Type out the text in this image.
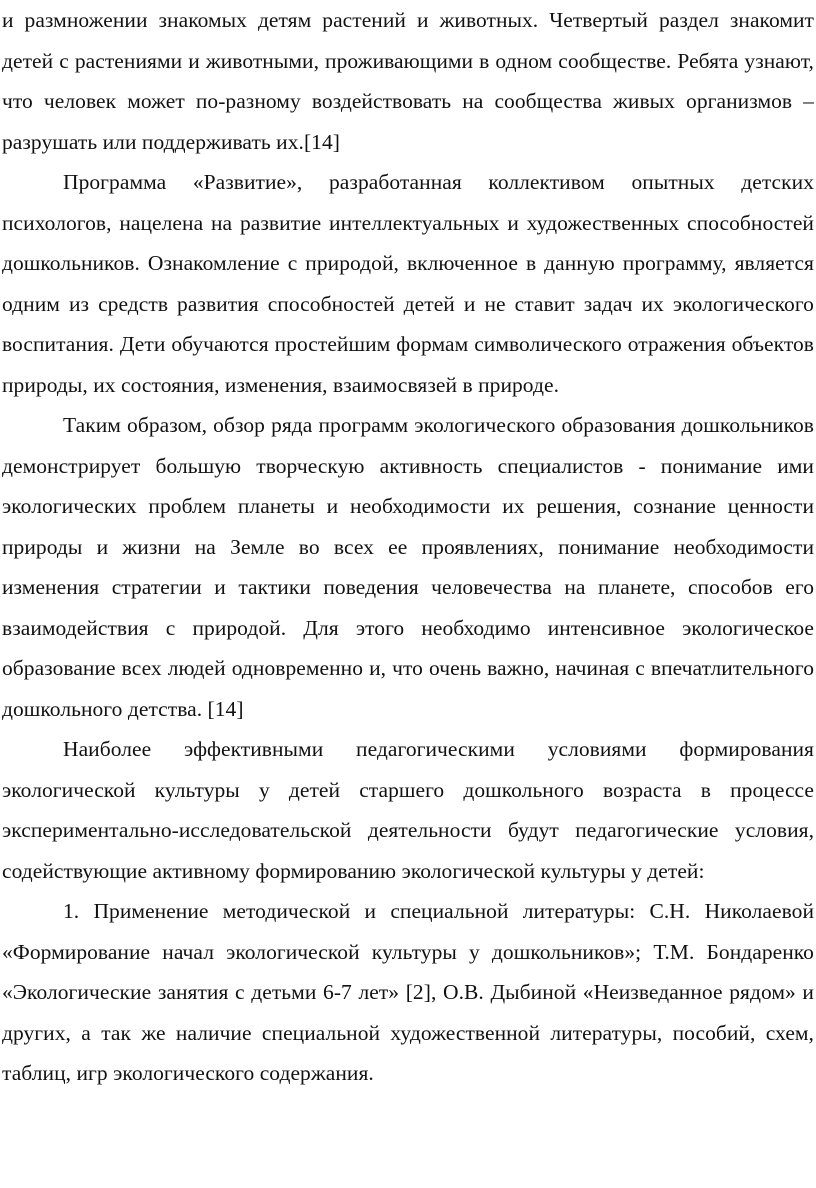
и размножении знакомых детям растений и животных. Четвертый раздел знакомит детей с растениями и животными, проживающими в одном сообществе. Ребята узнают, что человек может по-разному воздействовать на сообщества живых организмов – разрушать или поддерживать их.[14]

Программа «Развитие», разработанная коллективом опытных детских психологов, нацелена на развитие интеллектуальных и художественных способностей дошкольников. Ознакомление с природой, включенное в данную программу, является одним из средств развития способностей детей и не ставит задач их экологического воспитания. Дети обучаются простейшим формам символического отражения объектов природы, их состояния, изменения, взаимосвязей в природе.

Таким образом, обзор ряда программ экологического образования дошкольников демонстрирует большую творческую активность специалистов - понимание ими экологических проблем планеты и необходимости их решения, сознание ценности природы и жизни на Земле во всех ее проявлениях, понимание необходимости изменения стратегии и тактики поведения человечества на планете, способов его взаимодействия с природой. Для этого необходимо интенсивное экологическое образование всех людей одновременно и, что очень важно, начиная с впечатлительного дошкольного детства. [14]

Наиболее эффективными педагогическими условиями формирования экологической культуры у детей старшего дошкольного возраста в процессе экспериментально-исследовательской деятельности будут педагогические условия, содействующие активному формированию экологической культуры у детей:

1. Применение методической и специальной литературы: С.Н. Николаевой «Формирование начал экологической культуры у дошкольников»; Т.М. Бондаренко «Экологические занятия с детьми 6-7 лет» [2], О.В. Дыбиной «Неизведанное рядом» и других, а так же наличие специальной художественной литературы, пособий, схем, таблиц, игр экологического содержания.
